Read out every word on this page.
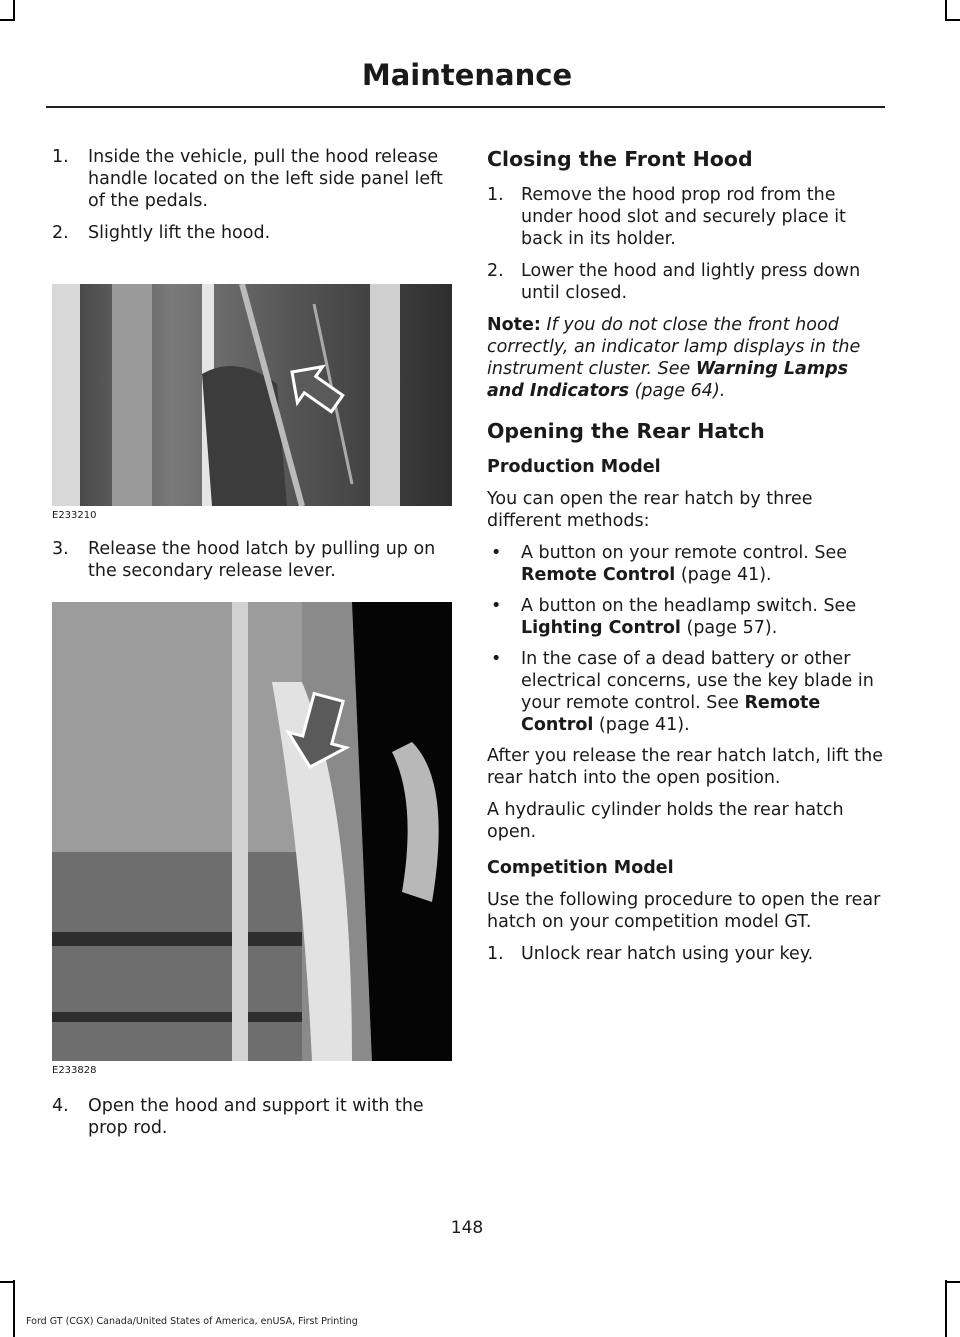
Maintenance
1. Inside the vehicle, pull the hood release handle located on the left side panel left of the pedals.
2. Slightly lift the hood.
E233210
3. Release the hood latch by pulling up on the secondary release lever.
E233828
4. Open the hood and support it with the prop rod.
Closing the Front Hood
1. Remove the hood prop rod from the under hood slot and securely place it back in its holder.
2. Lower the hood and lightly press down until closed.

Note: If you do not close the front hood correctly, an indicator lamp displays in the instrument cluster. See Warning Lamps and Indicators (page 64).

Opening the Rear Hatch
Production Model

You can open the rear hatch by three different methods:

• A button on your remote control. See Remote Control (page 41).
• A button on the headlamp switch. See Lighting Control (page 57).
• In the case of a dead battery or other electrical concerns, use the key blade in your remote control. See Remote Control (page 41).

After you release the rear hatch latch, lift the rear hatch into the open position.

A hydraulic cylinder holds the rear hatch open.

Competition Model

Use the following procedure to open the rear hatch on your competition model GT.

1. Unlock rear hatch using your key.
148
Ford GT (CGX) Canada/United States of America, enUSA, First Printing
